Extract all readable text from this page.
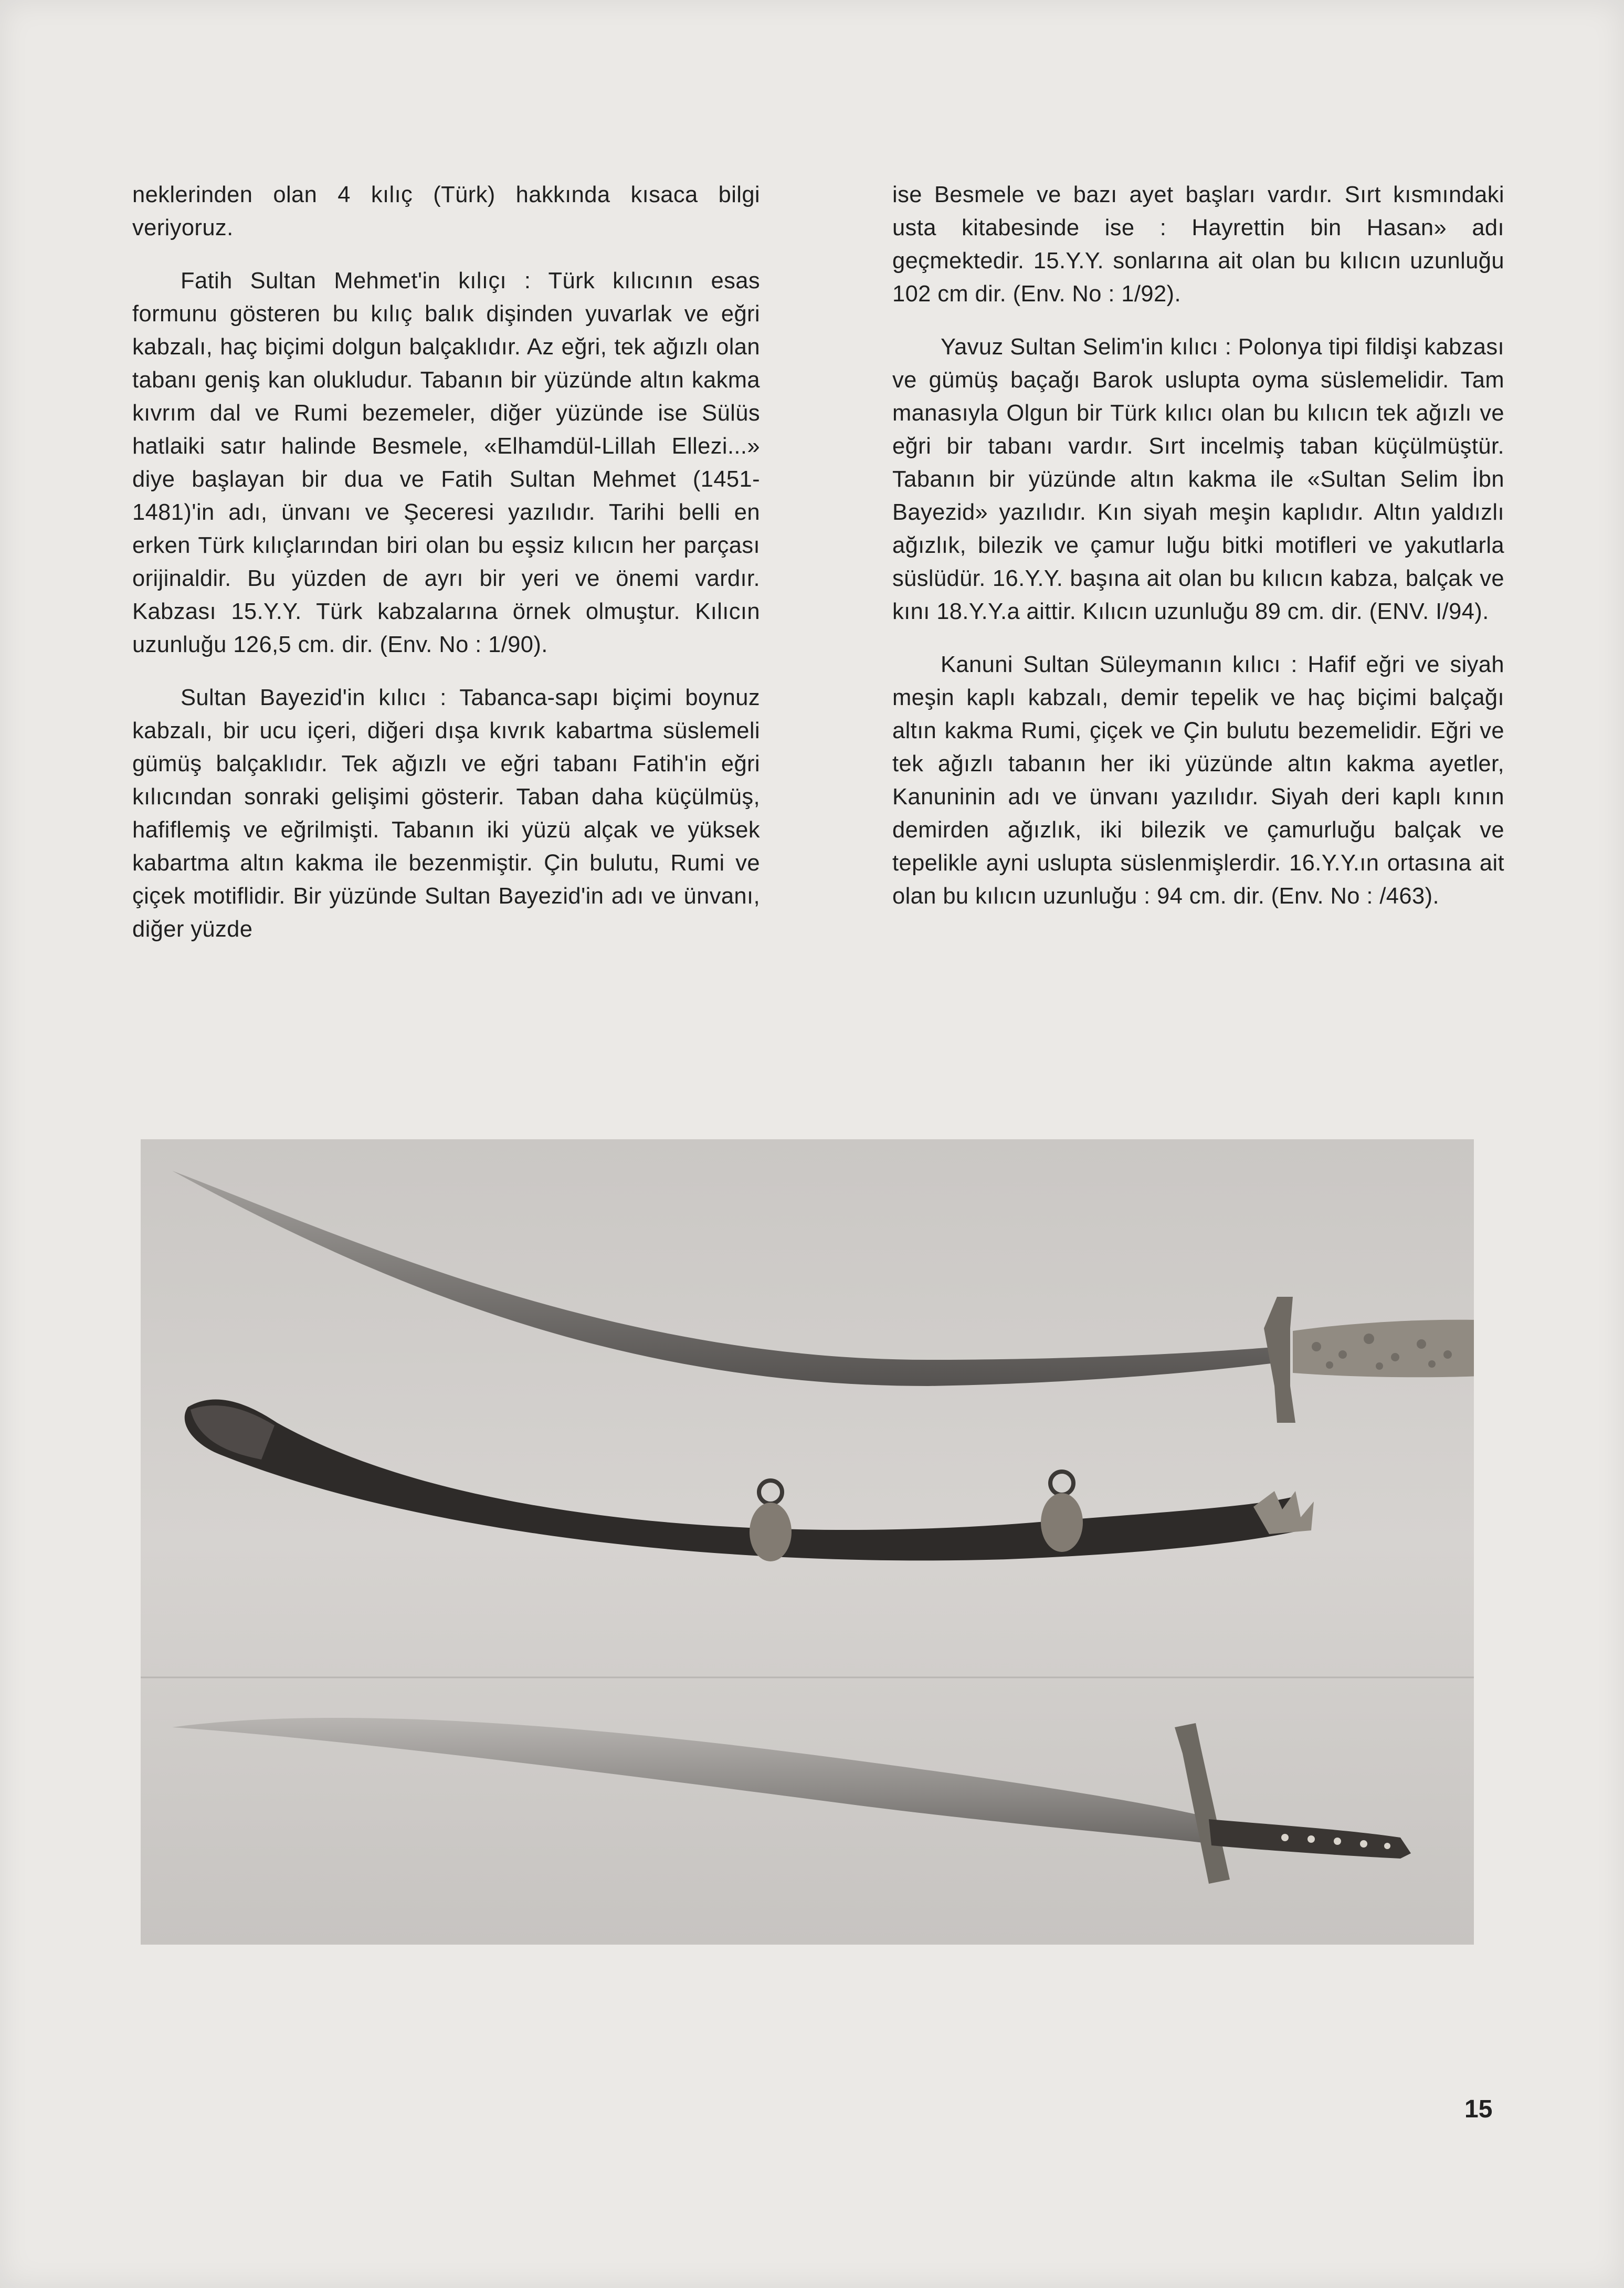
neklerinden olan 4 kılıç (Türk) hakkında kısaca bilgi veriyoruz.

Fatih Sultan Mehmet'in kılıçı : Türk kılıcının esas formunu gösteren bu kılıç balık dişinden yuvarlak ve eğri kabzalı, haç biçimi dolgun balçaklıdır. Az eğri, tek ağızlı olan tabanı geniş kan olukludur. Tabanın bir yüzünde altın kakma kıvrım dal ve Rumi bezemeler, diğer yüzünde ise Sülüs hatlaiki satır halinde Besmele, «Elhamdül-Lillah Ellezi...» diye başlayan bir dua ve Fatih Sultan Mehmet (1451-1481)'in adı, ünvanı ve Şeceresi yazılıdır. Tarihi belli en erken Türk kılıçlarından biri olan bu eşsiz kılıcın her parçası orijinaldir. Bu yüzden de ayrı bir yeri ve önemi vardır. Kabzası 15.Y.Y. Türk kabzalarına örnek olmuştur. Kılıcın uzunluğu 126,5 cm. dir. (Env. No : 1/90).

Sultan Bayezid'in kılıcı : Tabanca-sapı biçimi boynuz kabzalı, bir ucu içeri, diğeri dışa kıvrık kabartma süslemeli gümüş balçaklıdır. Tek ağızlı ve eğri tabanı Fatih'in eğri kılıcından sonraki gelişimi gösterir. Taban daha küçülmüş, hafiflemiş ve eğrilmişti. Tabanın iki yüzü alçak ve yüksek kabartma altın kakma ile bezenmiştir. Çin bulutu, Rumi ve çiçek motiflidir. Bir yüzünde Sultan Bayezid'in adı ve ünvanı, diğer yüzde

ise Besmele ve bazı ayet başları vardır. Sırt kısmındaki usta kitabesinde ise : Hayrettin bin Hasan» adı geçmektedir. 15.Y.Y. sonlarına ait olan bu kılıcın uzunluğu 102 cm dir. (Env. No : 1/92).

Yavuz Sultan Selim'in kılıcı : Polonya tipi fildişi kabzası ve gümüş baçağı Barok uslupta oyma süslemelidir. Tam manasıyla Olgun bir Türk kılıcı olan bu kılıcın tek ağızlı ve eğri bir tabanı vardır. Sırt incelmiş taban küçülmüştür. Tabanın bir yüzünde altın kakma ile «Sultan Selim İbn Bayezid» yazılıdır. Kın siyah meşin kaplıdır. Altın yaldızlı ağızlık, bilezik ve çamur luğu bitki motifleri ve yakutlarla süslüdür. 16.Y.Y. başına ait olan bu kılıcın kabza, balçak ve kını 18.Y.Y.a aittir. Kılıcın uzunluğu 89 cm. dir. (ENV. I/94).

Kanuni Sultan Süleymanın kılıcı : Hafif eğri ve siyah meşin kaplı kabzalı, demir tepelik ve haç biçimi balçağı altın kakma Rumi, çiçek ve Çin bulutu bezemelidir. Eğri ve tek ağızlı tabanın her iki yüzünde altın kakma ayetler, Kanuninin adı ve ünvanı yazılıdır. Siyah deri kaplı kının demirden ağızlık, iki bilezik ve çamurluğu balçak ve tepelikle ayni uslupta süslenmişlerdir. 16.Y.Y.ın ortasına ait olan bu kılıcın uzunluğu : 94 cm. dir. (Env. No : /463).

15
